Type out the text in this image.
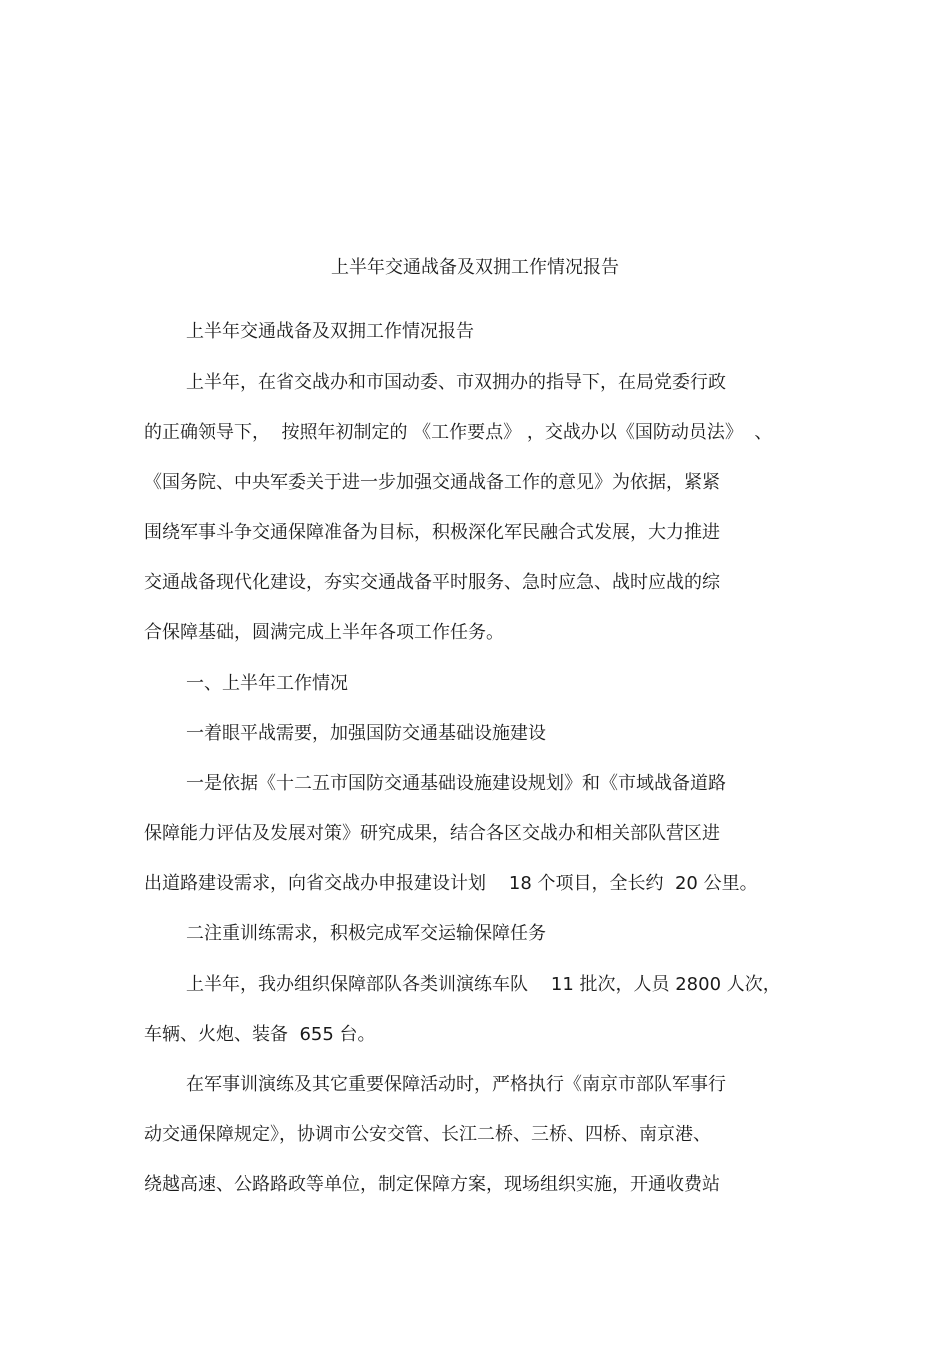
上半年交通战备及双拥工作情况报告
上半年交通战备及双拥工作情况报告
上半年，在省交战办和市国动委、市双拥办的指导下，在局党委行政
的正确领导下，  按照年初制定的 《工作要点》 ，交战办以《国防动员法》  、
《国务院、中央军委关于进一步加强交通战备工作的意见》为依据，紧紧
围绕军事斗争交通保障准备为目标，积极深化军民融合式发展，大力推进
交通战备现代化建设，夯实交通战备平时服务、急时应急、战时应战的综
合保障基础，圆满完成上半年各项工作任务。
一、上半年工作情况
一着眼平战需要，加强国防交通基础设施建设
一是依据《十二五市国防交通基础设施建设规划》和《市域战备道路
保障能力评估及发展对策》研究成果，结合各区交战办和相关部队营区进
出道路建设需求，向省交战办申报建设计划    18 个项目，全长约  20 公里。
二注重训练需求，积极完成军交运输保障任务
上半年，我办组织保障部队各类训演练车队    11 批次，人员 2800 人次，
车辆、火炮、装备  655 台。
在军事训演练及其它重要保障活动时，严格执行《南京市部队军事行
动交通保障规定》，协调市公安交管、长江二桥、三桥、四桥、南京港、
绕越高速、公路路政等单位，制定保障方案，现场组织实施，开通收费站
